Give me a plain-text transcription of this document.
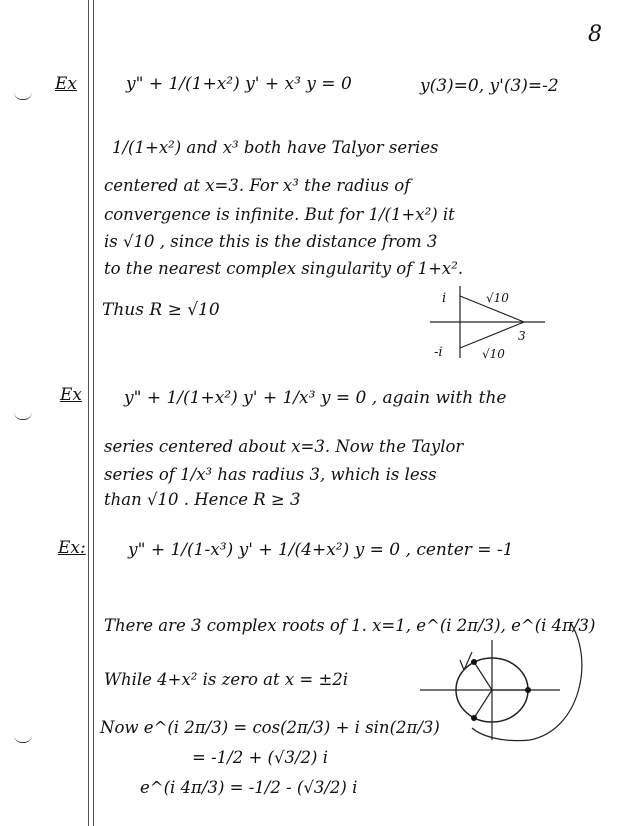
8
Ex	y" + 1/(1+x²) y' + x³ y = 0	y(3)=0, y'(3)=-2
1/(1+x²) and x³ both have Talyor series
centered at x=3. For x³ the radius of
convergence is infinite. But for 1/(1+x²) it
is √10 , since this is the distance from 3
to the nearest complex singularity of 1+x².
Thus R ≥ √10
i
-i
√10
√10
3
Ex y" + 1/(1+x²) y' + 1/x³ y = 0 , again with the
series centered about x=3. Now the Taylor
series of 1/x³ has radius 3, which is less
than √10 . Hence R ≥ 3
Ex: y" + 1/(1-x³) y' + 1/(4+x²) y = 0 , center = -1
There are 3 complex roots of 1. x=1, e^(i 2π/3), e^(i 4π/3)
While 4+x² is zero at x = ±2i
Now e^(i 2π/3) = cos(2π/3) + i sin(2π/3)
= -1/2 + (√3/2) i
e^(i 4π/3) = -1/2 - (√3/2) i
